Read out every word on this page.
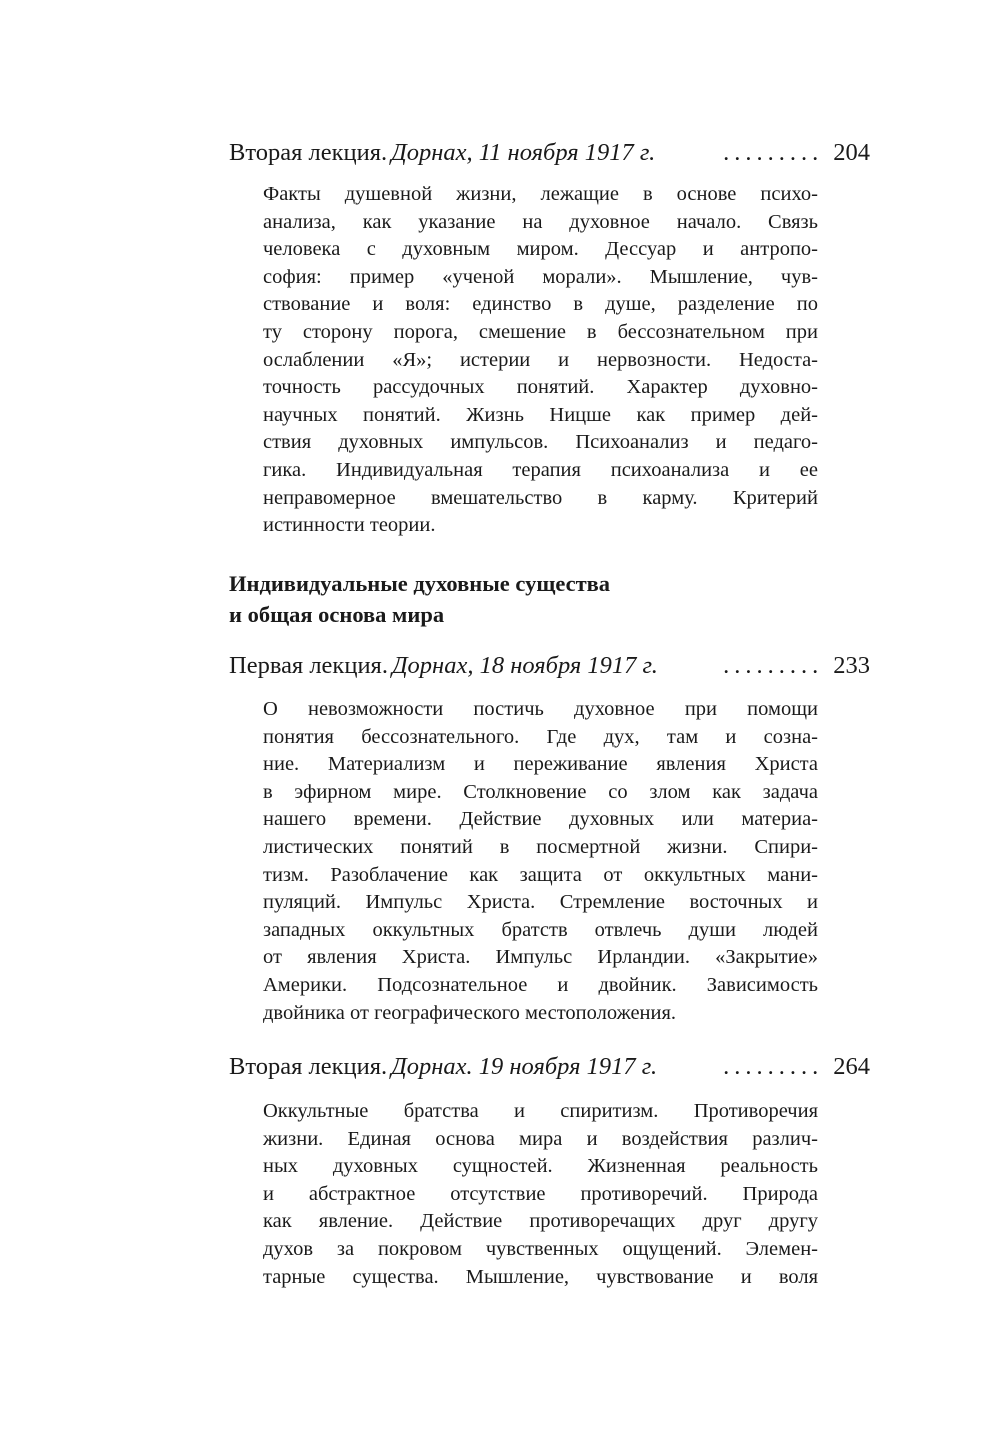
Вторая лекция. Дорнах, 11 ноября 1917 г.	......... 204
Факты душевной жизни, лежащие в основе психо-
анализа, как указание на духовное начало. Связь
человека с духовным миром. Дессуар и антропо-
софия: пример «ученой морали». Мышление, чув-
ствование и воля: единство в душе, разделение по
ту сторону порога, смешение в бессознательном при
ослаблении «Я»; истерии и нервозности. Недоста-
точность рассудочных понятий. Характер духовно-
научных понятий. Жизнь Ницше как пример дей-
ствия духовных импульсов. Психоанализ и педаго-
гика. Индивидуальная терапия психоанализа и ее
неправомерное вмешательство в карму. Критерий
истинности теории.
Индивидуальные духовные существа
и общая основа мира
Первая лекция. Дорнах, 18 ноября 1917 г.	......... 233
О невозможности постичь духовное при помощи
понятия бессознательного. Где дух, там и созна-
ние. Материализм и переживание явления Христа
в эфирном мире. Столкновение со злом как задача
нашего времени. Действие духовных или материа-
листических понятий в посмертной жизни. Спири-
тизм. Разоблачение как защита от оккультных мани-
пуляций. Импульс Христа. Стремление восточных и
западных оккультных братств отвлечь души людей
от явления Христа. Импульс Ирландии. «Закрытие»
Америки. Подсознательное и двойник. Зависимость
двойника от географического местоположения.
Вторая лекция. Дорнах. 19 ноября 1917 г.	......... 264
Оккультные братства и спиритизм. Противоречия
жизни. Единая основа мира и воздействия различ-
ных духовных сущностей. Жизненная реальность
и абстрактное отсутствие противоречий. Природа
как явление. Действие противоречащих друг другу
духов за покровом чувственных ощущений. Элемен-
тарные существа. Мышление, чувствование и воля
